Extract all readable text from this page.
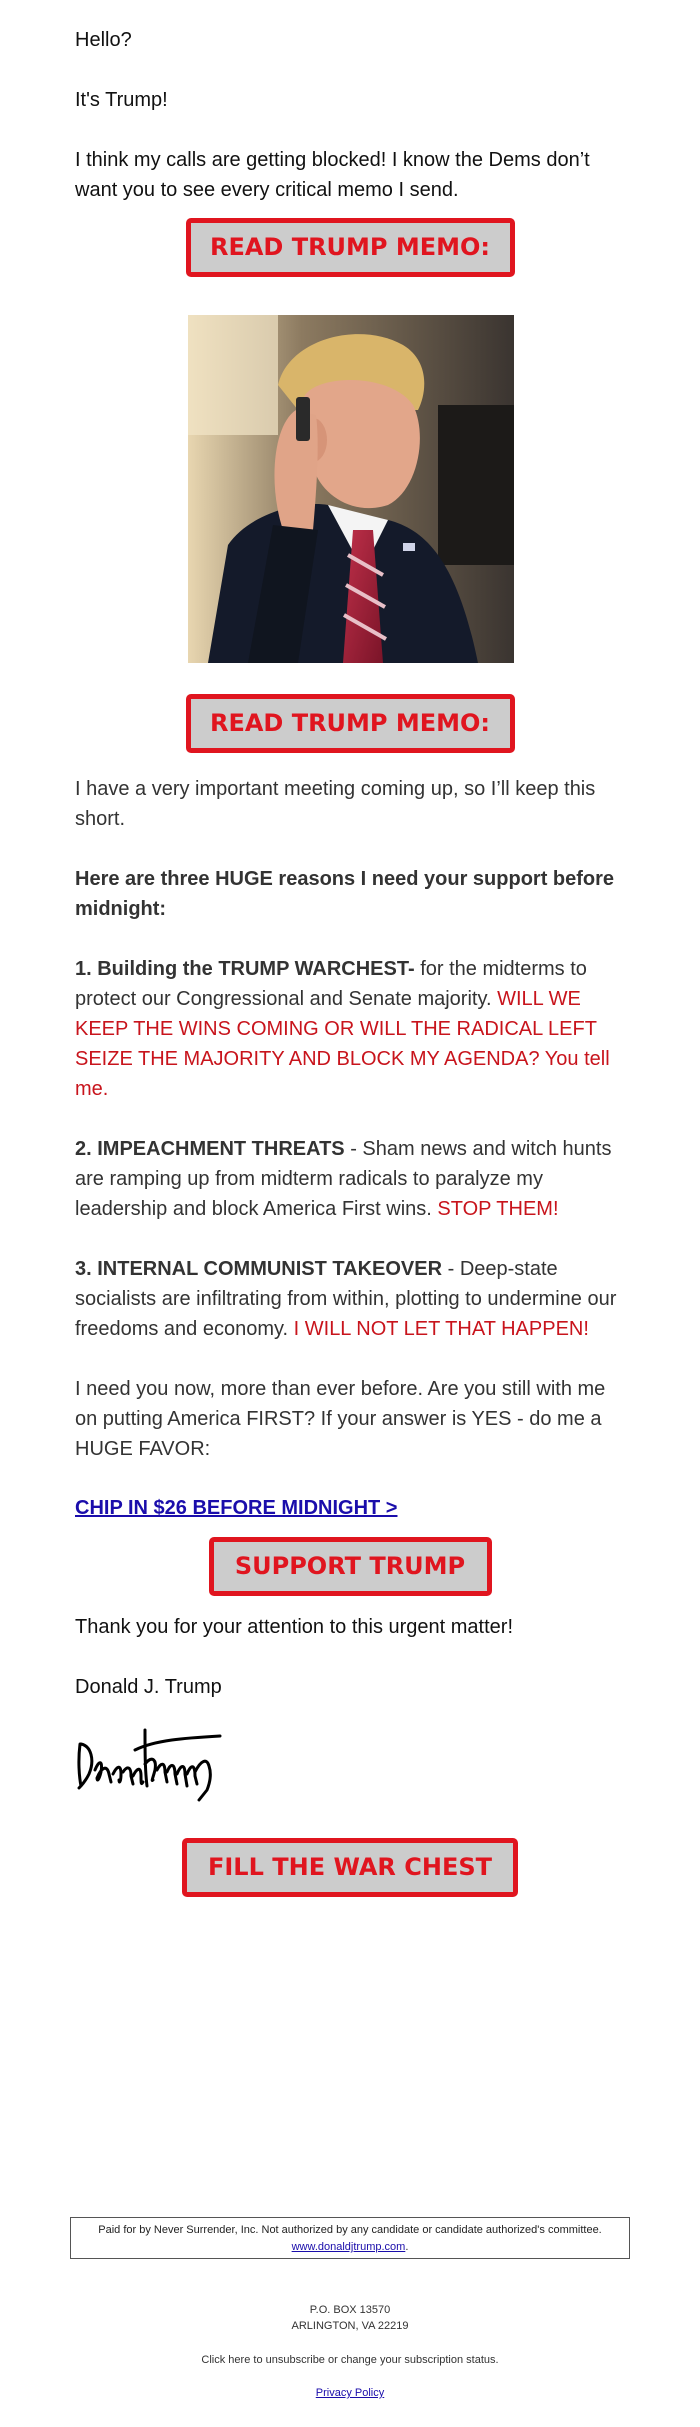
Hello?

It's Trump!

I think my calls are getting blocked! I know the Dems don’t want you to see every critical memo I send.

READ TRUMP MEMO:
READ TRUMP MEMO:

I have a very important meeting coming up, so I’ll keep this short.

Here are three HUGE reasons I need your support before midnight:

1. Building the TRUMP WARCHEST- for the midterms to protect our Congressional and Senate majority. WILL WE KEEP THE WINS COMING OR WILL THE RADICAL LEFT SEIZE THE MAJORITY AND BLOCK MY AGENDA? You tell me.

2. IMPEACHMENT THREATS - Sham news and witch hunts are ramping up from midterm radicals to paralyze my leadership and block America First wins. STOP THEM!

3. INTERNAL COMMUNIST TAKEOVER - Deep-state socialists are infiltrating from within, plotting to undermine our freedoms and economy. I WILL NOT LET THAT HAPPEN!

I need you now, more than ever before. Are you still with me on putting America FIRST? If your answer is YES - do me a HUGE FAVOR:

CHIP IN $26 BEFORE MIDNIGHT >
SUPPORT TRUMP

Thank you for your attention to this urgent matter!

Donald J. Trump

FILL THE WAR CHEST
Paid for by Never Surrender, Inc. Not authorized by any candidate or candidate authorized's committee.
www.donaldjtrump.com.
P.O. BOX 13570
ARLINGTON, VA 22219
Click here to unsubscribe or change your subscription status.
Privacy Policy
